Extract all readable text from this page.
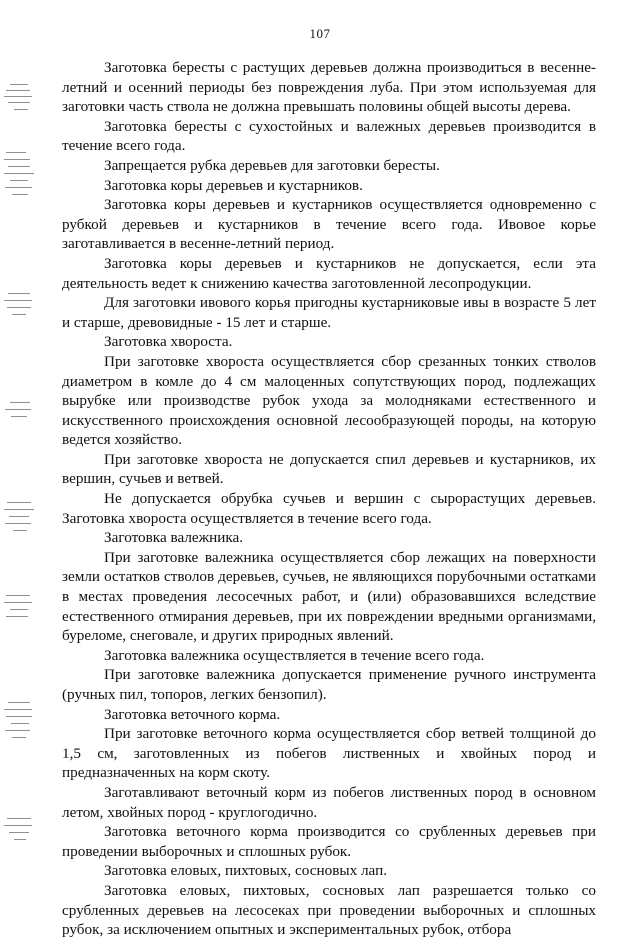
107

Заготовка бересты с растущих деревьев должна производиться в весенне-летний и осенний периоды без повреждения луба. При этом используемая для заготовки часть ствола не должна превышать половины общей высоты дерева.

Заготовка бересты с сухостойных и валежных деревьев производится в течение всего года.

Запрещается рубка деревьев для заготовки бересты.

Заготовка коры деревьев и кустарников.

Заготовка коры деревьев и кустарников осуществляется одновременно с рубкой деревьев и кустарников в течение всего года. Ивовое корье заготавливается в весенне-летний период.

Заготовка коры деревьев и кустарников не допускается, если эта деятельность ведет к снижению качества заготовленной лесопродукции.

Для заготовки ивового корья пригодны кустарниковые ивы в возрасте 5 лет и старше, древовидные - 15 лет и старше.

Заготовка хвороста.

При заготовке хвороста осуществляется сбор срезанных тонких стволов диаметром в комле до 4 см малоценных сопутствующих пород, подлежащих вырубке или производстве рубок ухода за молодняками естественного и искусственного происхождения основной лесообразующей породы, на которую ведется хозяйство.

При заготовке хвороста не допускается спил деревьев и кустарников, их вершин, сучьев и ветвей.

Не допускается обрубка сучьев и вершин с сырорастущих деревьев. Заготовка хвороста осуществляется в течение всего года.

Заготовка валежника.

При заготовке валежника осуществляется сбор лежащих на поверхности земли остатков стволов деревьев, сучьев, не являющихся порубочными остатками в местах проведения лесосечных работ, и (или) образовавшихся вследствие естественного отмирания деревьев, при их повреждении вредными организмами, буреломе, снеговале, и других природных явлений.

Заготовка валежника осуществляется в течение всего года.

При заготовке валежника допускается применение ручного инструмента (ручных пил, топоров, легких бензопил).

Заготовка веточного корма.

При заготовке веточного корма осуществляется сбор ветвей толщиной до 1,5 см, заготовленных из побегов лиственных и хвойных пород и предназначенных на корм скоту.

Заготавливают веточный корм из побегов лиственных пород в основном летом, хвойных пород - круглогодично.

Заготовка веточного корма производится со срубленных деревьев при проведении выборочных и сплошных рубок.

Заготовка еловых, пихтовых, сосновых лап.

Заготовка еловых, пихтовых, сосновых лап разрешается только со срубленных деревьев на лесосеках при проведении выборочных и сплошных рубок, за исключением опытных и экспериментальных рубок, отбора
